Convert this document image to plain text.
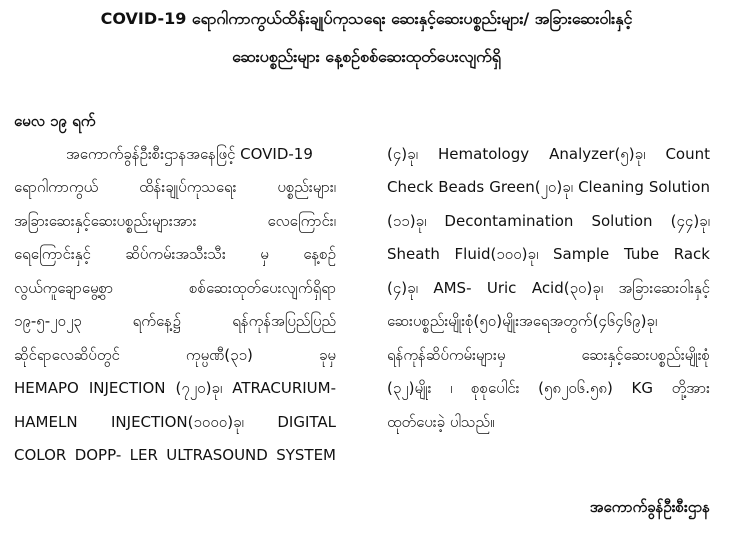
COVID-19 ရောဂါကာကွယ်ထိန်းချုပ်ကုသရေး ဆေးနှင့်ဆေးပစ္စည်းများ/ အခြားဆေးဝါးနှင့်
ဆေးပစ္စည်းများ နေ့စဉ်စစ်ဆေးထုတ်ပေးလျက်ရှိ
မေလ ၁၉ ရက်
အကောက်ခွန်ဦးစီးဌာနအနေဖြင့် COVID-19
ရောဂါကာကွယ် ထိန်းချုပ်ကုသရေး ပစ္စည်းများ၊
အခြားဆေးနှင့်ဆေးပစ္စည်းများအား လေကြောင်း၊
ရေကြောင်းနှင့် ဆိပ်ကမ်းအသီးသီး မှ နေ့စဉ်
လွယ်ကူချောမွေ့စွာ စစ်ဆေးထုတ်ပေးလျက်ရှိရာ
၁၉-၅-၂၀၂၃ ရက်နေ့၌ ရန်ကုန်အပြည်ပြည်
ဆိုင်ရာလေဆိပ်တွင် ကုမ္ပဏီ(၃၁) ခုမှ
HEMAPO INJECTION (၇၂၀)ခု၊ ATRACURIUM-
HAMELN INJECTION(၁၀၀၀)ခု၊ DIGITAL
COLOR DOPP- LER ULTRASOUND SYSTEM
(၄)ခု၊ Hematology Analyzer(၅)ခု၊ Count
Check Beads Green(၂၀)ခု၊ Cleaning Solution
(၁၁)ခု၊ Decontamination Solution (၄၄)ခု၊
Sheath Fluid(၁၀၀)ခု၊ Sample Tube Rack
(၄)ခု၊ AMS- Uric Acid(၃၀)ခု၊ အခြားဆေးဝါးနှင့်
ဆေးပစ္စည်းမျိုးစုံ(၅၀)မျိုးအရေအတွက်(၄၆၄၆၉)ခု၊
ရန်ကုန်ဆိပ်ကမ်းများမှ ဆေးနှင့်ဆေးပစ္စည်းမျိုးစုံ
(၃၂)မျိုး ၊ စုစုပေါင်း (၅၈၂၀၆.၅၈) KG တို့အား
ထုတ်ပေးခဲ့ ပါသည်။
အကောက်ခွန်ဦးစီးဌာန
